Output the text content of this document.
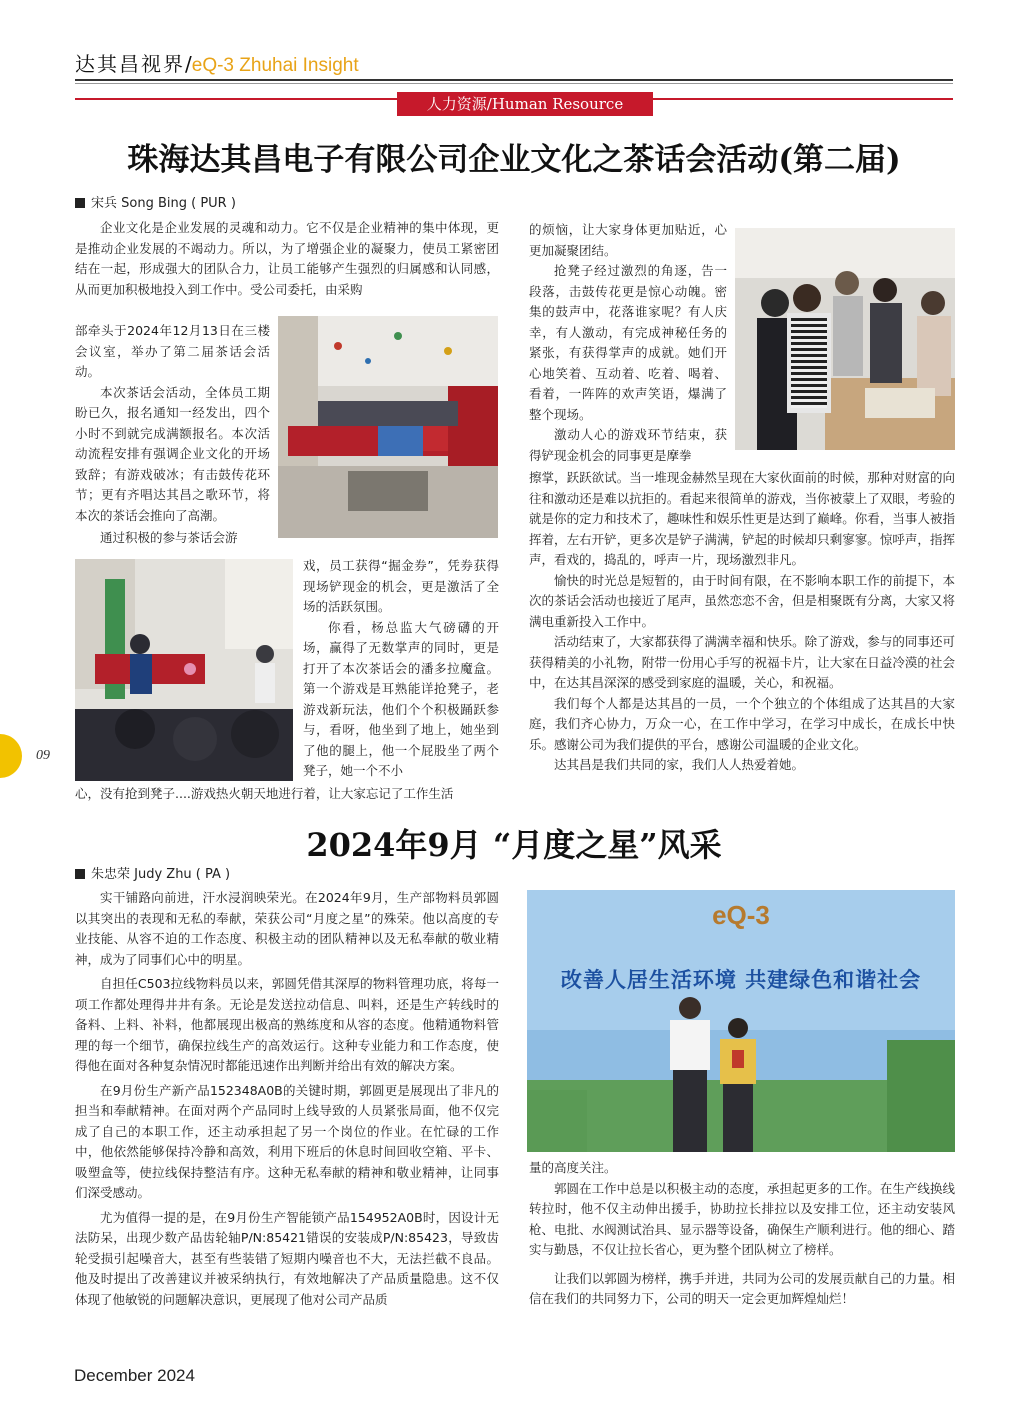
达其昌视界/eQ-3 Zhuhai Insight
人力资源/Human Resource
珠海达其昌电子有限公司企业文化之茶话会活动(第二届)
宋兵 Song Bing ( PUR )

企业文化是企业发展的灵魂和动力。它不仅是企业精神的集中体现，更是推动企业发展的不竭动力。所以，为了增强企业的凝聚力，使员工紧密团结在一起，形成强大的团队合力，让员工能够产生强烈的归属感和认同感，从而更加积极地投入到工作中。受公司委托，由采购

部牵头于2024年12月13日在三楼会议室，举办了第二届茶话会活动。

本次茶话会活动，全体员工期盼已久，报名通知一经发出，四个小时不到就完成满额报名。本次活动流程安排有强调企业文化的开场致辞；有游戏破冰；有击鼓传花环节；更有齐唱达其昌之歌环节，将本次的茶话会推向了高潮。

通过积极的参与茶话会游

戏，员工获得“掘金券”，凭券获得现场铲现金的机会，更是激活了全场的活跃氛围。

你看，杨总监大气磅礴的开场，赢得了无数掌声的同时，更是打开了本次茶话会的潘多拉魔盒。第一个游戏是耳熟能详抢凳子，老游戏新玩法，他们个个积极踊跃参与，看呀，他坐到了地上，她坐到了他的腿上，他一个屁股坐了两个凳子，她一个不小

心，没有抢到凳子....游戏热火朝天地进行着，让大家忘记了工作生活

的烦恼，让大家身体更加贴近，心更加凝聚团结。

抢凳子经过激烈的角逐，告一段落，击鼓传花更是惊心动魄。密集的鼓声中，花落谁家呢？有人庆幸，有人激动，有完成神秘任务的紧张，有获得掌声的成就。她们开心地笑着、互动着、吃着、喝着、看着，一阵阵的欢声笑语，爆满了整个现场。

激动人心的游戏环节结束，获得铲现金机会的同事更是摩拳

擦掌，跃跃欲试。当一堆现金赫然呈现在大家伙面前的时候，那种对财富的向往和激动还是难以抗拒的。看起来很简单的游戏，当你被蒙上了双眼，考验的就是你的定力和技术了，趣味性和娱乐性更是达到了巅峰。你看，当事人被指挥着，左右开铲，更多次是铲子满满，铲起的时候却只剩寥寥。惊呼声，指挥声，看戏的，捣乱的，呼声一片，现场激烈非凡。

愉快的时光总是短暂的，由于时间有限，在不影响本职工作的前提下，本次的茶话会活动也接近了尾声，虽然恋恋不舍，但是相聚既有分离，大家又将满电重新投入工作中。

活动结束了，大家都获得了满满幸福和快乐。除了游戏，参与的同事还可获得精美的小礼物，附带一份用心手写的祝福卡片，让大家在日益冷漠的社会中，在达其昌深深的感受到家庭的温暖，关心，和祝福。

我们每个人都是达其昌的一员，一个个独立的个体组成了达其昌的大家庭，我们齐心协力，万众一心，在工作中学习，在学习中成长，在成长中快乐。感谢公司为我们提供的平台，感谢公司温暖的企业文化。

达其昌是我们共同的家，我们人人热爱着她。

2024年9月 “月度之星”风采
朱忠荣 Judy Zhu ( PA )

实干铺路向前进，汗水浸润映荣光。在2024年9月，生产部物料员郭圆以其突出的表现和无私的奉献，荣获公司“月度之星”的殊荣。他以高度的专业技能、从容不迫的工作态度、积极主动的团队精神以及无私奉献的敬业精神，成为了同事们心中的明星。

自担任C503拉线物料员以来，郭圆凭借其深厚的物料管理功底，将每一项工作都处理得井井有条。无论是发送拉动信息、叫料，还是生产转线时的备料、上料、补料，他都展现出极高的熟练度和从容的态度。他精通物料管理的每一个细节，确保拉线生产的高效运行。这种专业能力和工作态度，使得他在面对各种复杂情况时都能迅速作出判断并给出有效的解决方案。

在9月份生产新产品152348A0B的关键时期，郭圆更是展现出了非凡的担当和奉献精神。在面对两个产品同时上线导致的人员紧张局面，他不仅完成了自己的本职工作，还主动承担起了另一个岗位的作业。在忙碌的工作中，他依然能够保持冷静和高效，利用下班后的休息时间回收空箱、平卡、吸塑盒等，使拉线保持整洁有序。这种无私奉献的精神和敬业精神，让同事们深受感动。

尤为值得一提的是，在9月份生产智能锁产品154952A0B时，因设计无法防呆，出现少数产品齿轮轴P/N:85421错误的安装成P/N:85423，导致齿轮受损引起噪音大，甚至有些装错了短期内噪音也不大，无法拦截不良品。他及时提出了改善建议并被采纳执行，有效地解决了产品质量隐患。这不仅体现了他敏锐的问题解决意识，更展现了他对公司产品质

eQ-3
改善人居生活环境 共建绿色和谐社会

量的高度关注。

郭圆在工作中总是以积极主动的态度，承担起更多的工作。在生产线换线转拉时，他不仅主动伸出援手，协助拉长排拉以及安排工位，还主动安装风枪、电批、水阀测试治具、显示器等设备，确保生产顺利进行。他的细心、踏实与勤恳，不仅让拉长省心，更为整个团队树立了榜样。

让我们以郭圆为榜样，携手并进，共同为公司的发展贡献自己的力量。相信在我们的共同努力下，公司的明天一定会更加辉煌灿烂！

09
December 2024
